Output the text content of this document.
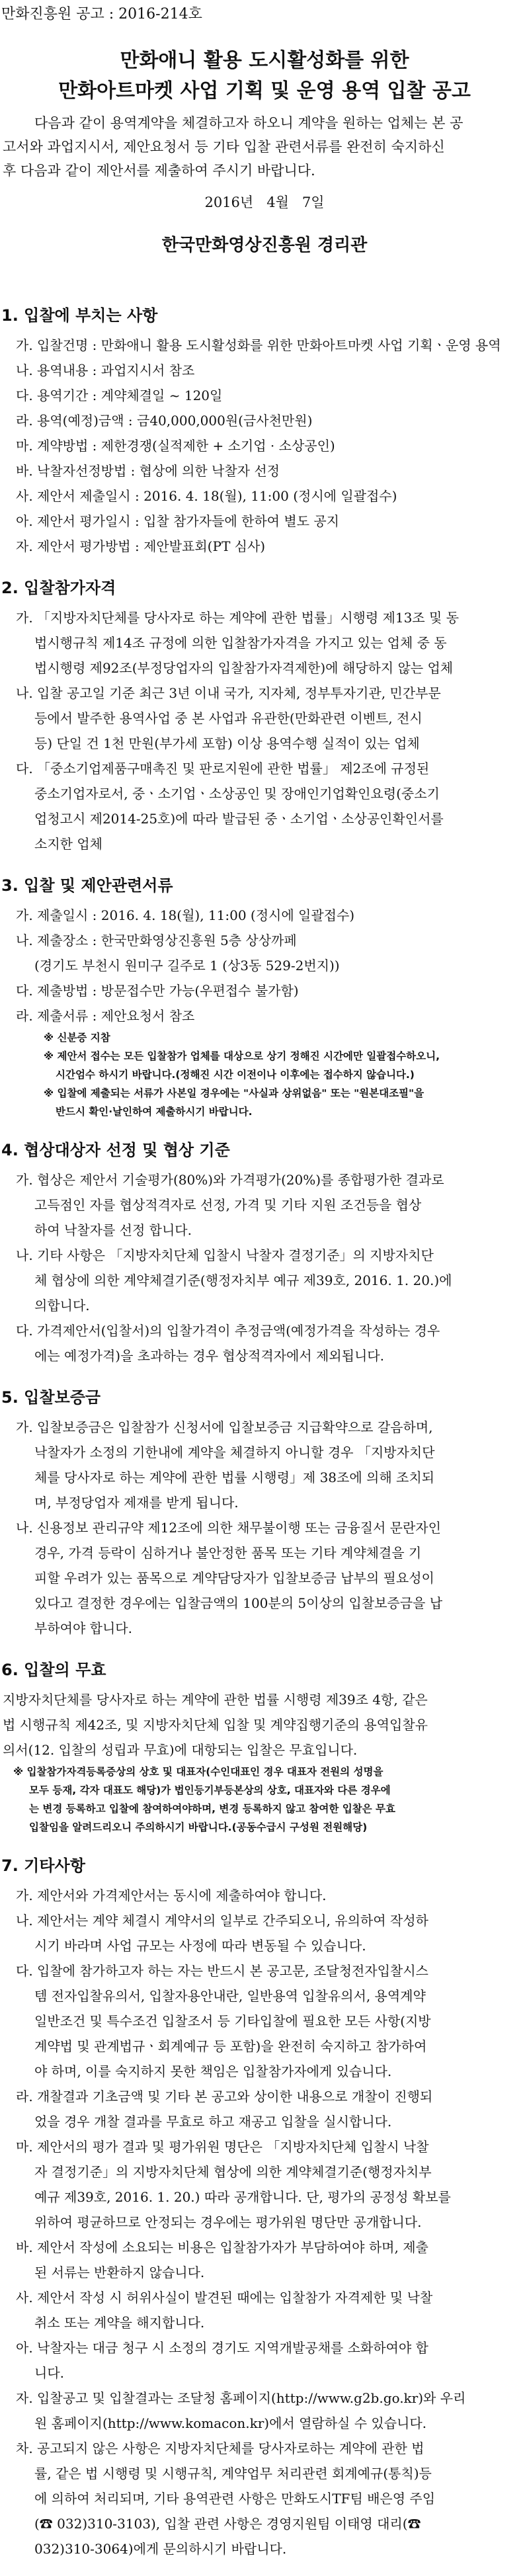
만화진흥원 공고 : 2016-214호
만화애니 활용 도시활성화를 위한
만화아트마켓 사업 기획 및 운영 용역 입찰 공고

다음과 같이 용역계약을 체결하고자 하오니 계약을 원하는 업체는 본 공

고서와 과업지시서, 제안요청서 등 기타 입찰 관련서류를 완전히 숙지하신

후 다음과 같이 제안서를 제출하여 주시기 바랍니다.

2016년   4월   7일
한국만화영상진흥원 경리관
1. 입찰에 부치는 사항
가. 입찰건명 : 만화애니 활용 도시활성화를 위한 만화아트마켓 사업 기획ㆍ운영 용역
나. 용역내용 : 과업지시서 참조
다. 용역기간 : 계약체결일 ~ 120일
라. 용역(예정)금액 : 금40,000,000원(금사천만원)
마. 계약방법 : 제한경쟁(실적제한 + 소기업 · 소상공인)
바. 낙찰자선정방법 : 협상에 의한 낙찰자 선정
사. 제안서 제출일시 : 2016. 4. 18(월), 11:00 (정시에 일괄접수)
아. 제안서 평가일시 : 입찰 참가자들에 한하여 별도 공지
자. 제안서 평가방법 : 제안발표회(PT 심사)
2. 입찰참가자격
가. 「지방자치단체를 당사자로 하는 계약에 관한 법률」시행령 제13조 및 동
법시행규칙 제14조 규정에 의한 입찰참가자격을 가지고 있는 업체 중 동
법시행령 제92조(부정당업자의 입찰참가자격제한)에 해당하지 않는 업체
나. 입찰 공고일 기준 최근 3년 이내 국가, 지자체, 정부투자기관, 민간부문
등에서 발주한 용역사업 중 본 사업과 유관한(만화관련 이벤트, 전시
등) 단일 건 1천 만원(부가세 포함) 이상 용역수행 실적이 있는 업체
다. 「중소기업제품구매촉진 및 판로지원에 관한 법률」 제2조에 규정된
중소기업자로서, 중ㆍ소기업ㆍ소상공인 및 장애인기업확인요령(중소기
업청고시 제2014-25호)에 따라 발급된 중ㆍ소기업ㆍ소상공인확인서를
소지한 업체
3. 입찰 및 제안관련서류
가. 제출일시 : 2016. 4. 18(월), 11:00 (정시에 일괄접수)
나. 제출장소 : 한국만화영상진흥원 5층 상상까페
(경기도 부천시 원미구 길주로 1 (상3동 529-2번지))
다. 제출방법 : 방문접수만 가능(우편접수 불가함)
라. 제출서류 : 제안요청서 참조
※ 신분증 지참
※ 제안서 접수는 모든 입찰참가 업체를 대상으로 상기 정해진 시간에만 일괄접수하오니,
시간엄수 하시기 바랍니다.(정해진 시간 이전이나 이후에는 접수하지 않습니다.)
※ 입찰에 제출되는 서류가 사본일 경우에는 "사실과 상위없음" 또는 "원본대조필"을
반드시 확인·날인하여 제출하시기 바랍니다.
4. 협상대상자 선정 및 협상 기준
가. 협상은 제안서 기술평가(80%)와 가격평가(20%)를 종합평가한 결과로
고득점인 자를 협상적격자로 선정, 가격 및 기타 지원 조건등을 협상
하여 낙찰자를 선정 합니다.
나. 기타 사항은 「지방자치단체 입찰시 낙찰자 결정기준」의 지방자치단
체 협상에 의한 계약체결기준(행정자치부 예규 제39호, 2016. 1. 20.)에
의합니다.
다. 가격제안서(입찰서)의 입찰가격이 추정금액(예정가격을 작성하는 경우
에는 예정가격)을 초과하는 경우 협상적격자에서 제외됩니다.
5. 입찰보증금
가. 입찰보증금은 입찰참가 신청서에 입찰보증금 지급확약으로 갈음하며,
낙찰자가 소정의 기한내에 계약을 체결하지 아니할 경우 「지방자치단
체를 당사자로 하는 계약에 관한 법률 시행령」제 38조에 의해 조치되
며, 부정당업자 제재를 받게 됩니다.
나. 신용정보 관리규약 제12조에 의한 채무불이행 또는 금융질서 문란자인
경우, 가격 등락이 심하거나 불안정한 품목 또는 기타 계약체결을 기
피할 우려가 있는 품목으로 계약담당자가 입찰보증금 납부의 필요성이
있다고 결정한 경우에는 입찰금액의 100분의 5이상의 입찰보증금을 납
부하여야 합니다.
6. 입찰의 무효
지방자치단체를 당사자로 하는 계약에 관한 법률 시행령 제39조 4항, 같은
법 시행규칙 제42조, 및 지방자치단체 입찰 및 계약집행기준의 용역입찰유
의서(12. 입찰의 성립과 무효)에 대항되는 입찰은 무효입니다.
※ 입찰참가자격등록증상의 상호 및 대표자(수인대표인 경우 대표자 전원의 성명을
모두 등재, 각자 대표도 해당)가 법인등기부등본상의 상호, 대표자와 다른 경우에
는 변경 등록하고 입찰에 참여하여야하며, 변경 등록하지 않고 참여한 입찰은 무효
입찰임을 알려드리오니 주의하시기 바랍니다.(공동수급시 구성원 전원해당)
7. 기타사항
가. 제안서와 가격제안서는 동시에 제출하여야 합니다.
나. 제안서는 계약 체결시 계약서의 일부로 간주되오니, 유의하여 작성하
시기 바라며 사업 규모는 사정에 따라 변동될 수 있습니다.
다. 입찰에 참가하고자 하는 자는 반드시 본 공고문, 조달청전자입찰시스
템 전자입찰유의서, 입찰자용안내란, 일반용역 입찰유의서, 용역계약
일반조건 및 특수조건 입찰조서 등 기타입찰에 필요한 모든 사항(지방
계약법 및 관계법규ㆍ회계예규 등 포함)을 완전히 숙지하고 참가하여
야 하며, 이를 숙지하지 못한 책임은 입찰참가자에게 있습니다.
라. 개찰결과 기초금액 및 기타 본 공고와 상이한 내용으로 개찰이 진행되
었을 경우 개찰 결과를 무효로 하고 재공고 입찰을 실시합니다.
마. 제안서의 평가 결과 및 평가위원 명단은 「지방자치단체 입찰시 낙찰
자 결정기준」의 지방자치단체 협상에 의한 계약체결기준(행정자치부
예규 제39호, 2016. 1. 20.) 따라 공개합니다. 단, 평가의 공정성 확보를
위하여 평균하므로 안정되는 경우에는 평가위원 명단만 공개합니다.
바. 제안서 작성에 소요되는 비용은 입찰참가자가 부담하여야 하며, 제출
된 서류는 반환하지 않습니다.
사. 제안서 작성 시 허위사실이 발견된 때에는 입찰참가 자격제한 및 낙찰
취소 또는 계약을 해지합니다.
아. 낙찰자는 대금 청구 시 소정의 경기도 지역개발공채를 소화하여야 합
니다.
자. 입찰공고 및 입찰결과는 조달청 홈페이지(http://www.g2b.go.kr)와 우리
원 홈페이지(http://www.komacon.kr)에서 열람하실 수 있습니다.
차. 공고되지 않은 사항은 지방자치단체를 당사자로하는 계약에 관한 법
률, 같은 법 시행령 및 시행규칙, 계약업무 처리관련 회계예규(통칙)등
에 의하여 처리되며, 기타 용역관련 사항은 만화도시TF팀 배은영 주임
(☎ 032)310-3103), 입찰 관련 사항은 경영지원팀 이태영 대리(☎
032)310-3064)에게 문의하시기 바랍니다.
